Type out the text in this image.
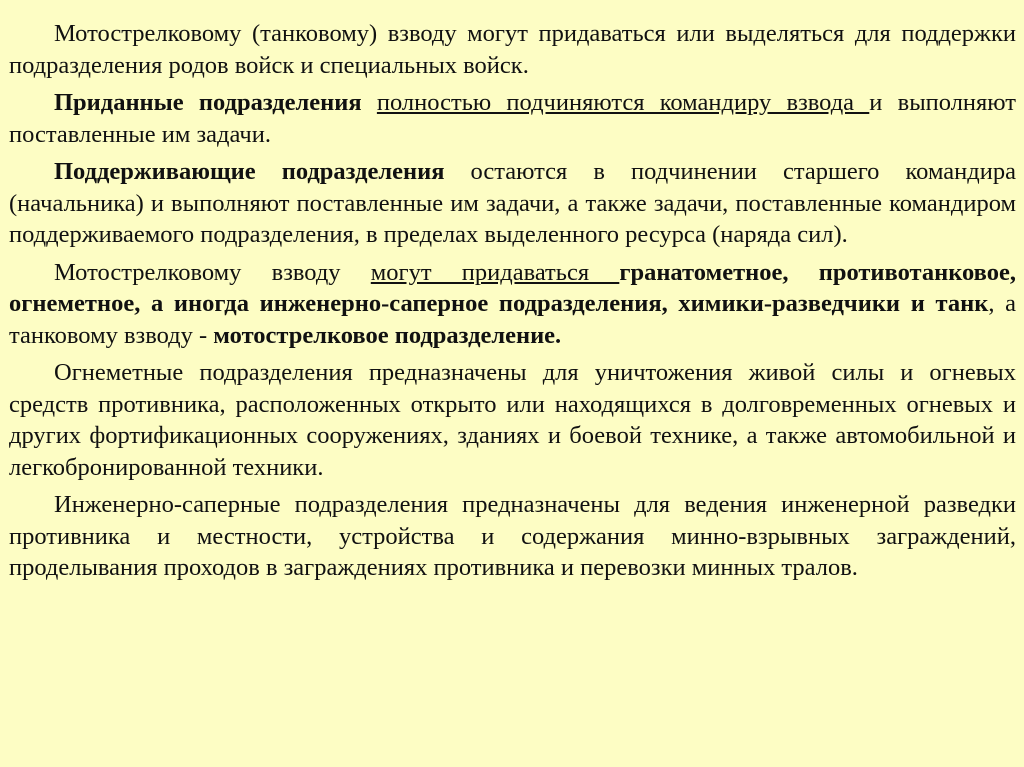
Мотострелковому (танковому) взводу могут придаваться или выделяться для поддержки подразделения родов войск и специальных войск.

Приданные подразделения полностью подчиняются командиру взвода и выполняют поставленные им задачи.

Поддерживающие подразделения остаются в подчинении старшего командира (начальника) и выполняют поставленные им задачи, а также задачи, поставленные командиром поддерживаемого подразделения, в пределах выделенного ресурса (наряда сил).

Мотострелковому взводу могут придаваться гранатометное, противотанковое, огнеметное, а иногда инженерно-саперное подразделения, химики-разведчики и танк, а танковому взводу - мотострелковое подразделение.

Огнеметные подразделения предназначены для уничтожения живой силы и огневых средств противника, расположенных открыто или находящихся в долговременных огневых и других фортификационных сооружениях, зданиях и боевой технике, а также автомобильной и легкобронированной техники.

Инженерно-саперные подразделения предназначены для ведения инженерной разведки противника и местности, устройства и содержания минно-взрывных заграждений, проделывания проходов в заграждениях противника и перевозки минных тралов.
